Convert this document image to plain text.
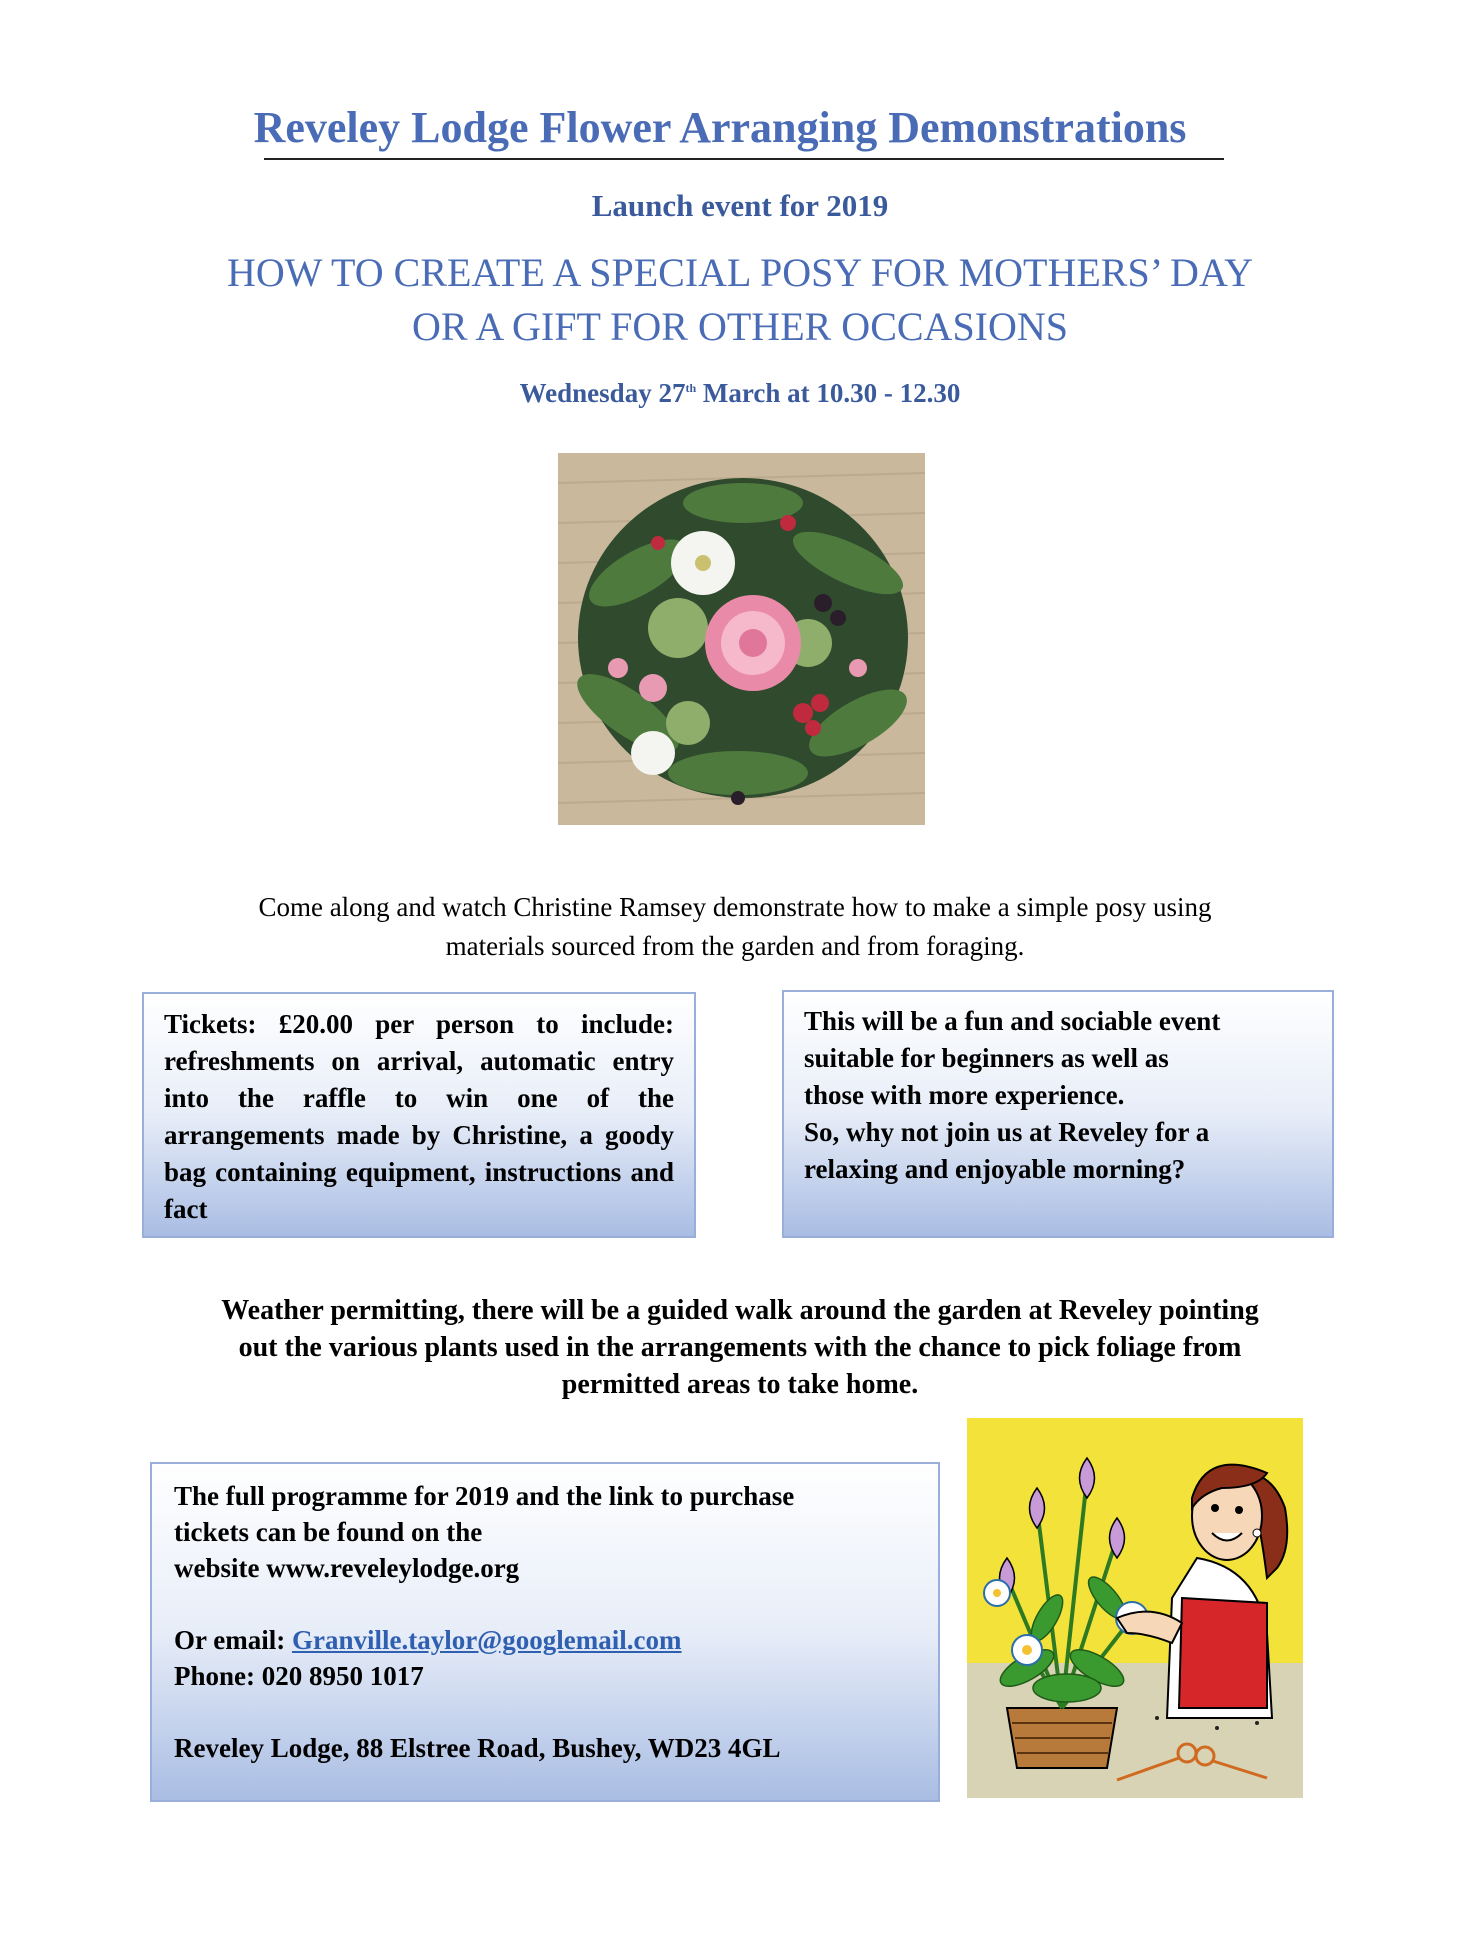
Reveley Lodge Flower Arranging Demonstrations
Launch event for 2019
HOW TO CREATE A SPECIAL POSY FOR MOTHERS’ DAY
OR A GIFT FOR OTHER OCCASIONS
Wednesday 27th March at 10.30 - 12.30
Come along and watch Christine Ramsey demonstrate how to make a simple posy using
materials sourced from the garden and from foraging.
Tickets: £20.00 per person to include: refreshments on arrival, automatic entry into the raffle to win one of the arrangements made by Christine, a goody bag containing equipment, instructions and fact
This will be a fun and sociable event
suitable for beginners as well as
those with more experience.
So, why not join us at Reveley for a
relaxing and enjoyable morning?
Weather permitting, there will be a guided walk around the garden at Reveley pointing
out the various plants used in the arrangements with the chance to pick foliage from
permitted areas to take home.

The full programme for 2019 and the link to purchase

tickets can be found on the

website www.reveleylodge.org

Or email: Granville.taylor@googlemail.com

Phone: 020 8950 1017

Reveley Lodge, 88 Elstree Road, Bushey, WD23 4GL
